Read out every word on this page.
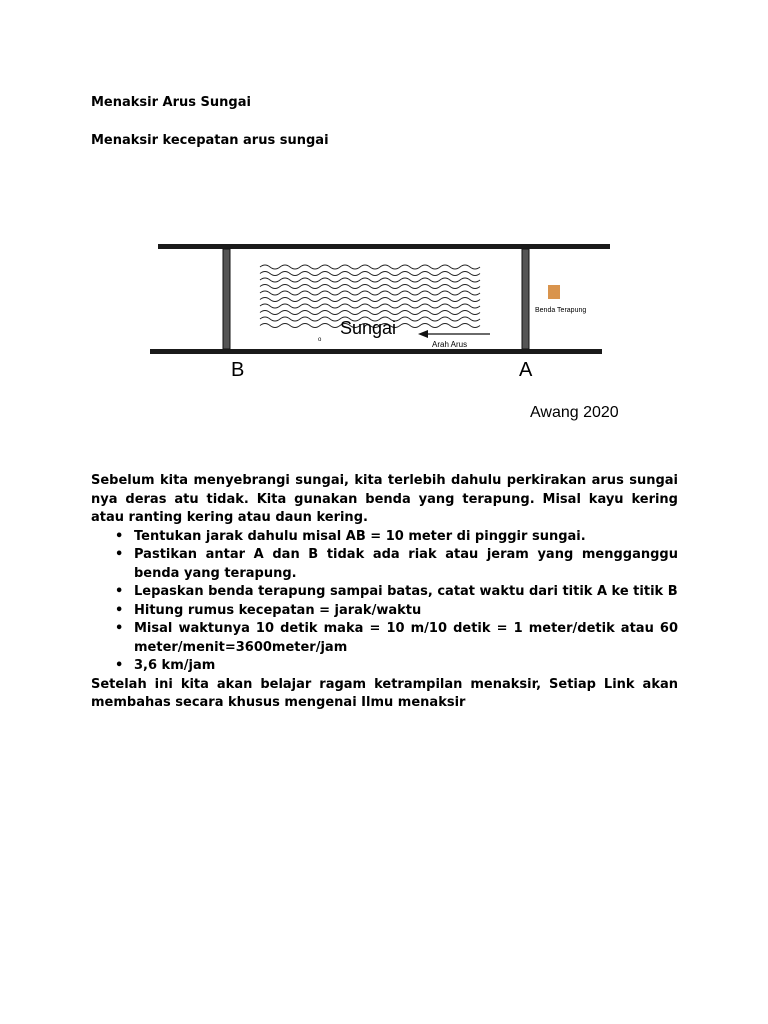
Menaksir Arus Sungai
Menaksir kecepatan arus sungai
Sungai
o	Arah Arus
Benda Terapung
B	A
Awang 2020

Sebelum kita menyebrangi sungai, kita terlebih dahulu perkirakan arus sungai nya deras atu tidak. Kita gunakan benda yang terapung. Misal kayu kering atau ranting kering atau daun kering.

• Tentukan jarak dahulu misal AB = 10 meter di pinggir sungai.
• Pastikan antar A dan B tidak ada riak atau jeram yang mengganggu benda yang terapung.
• Lepaskan benda terapung sampai batas, catat waktu dari titik A ke titik B
• Hitung rumus kecepatan = jarak/waktu
• Misal waktunya 10 detik maka = 10 m/10 detik = 1 meter/detik atau 60 meter/menit=3600meter/jam
• 3,6 km/jam

Setelah ini kita akan belajar ragam ketrampilan menaksir, Setiap Link akan membahas secara khusus mengenai Ilmu menaksir
